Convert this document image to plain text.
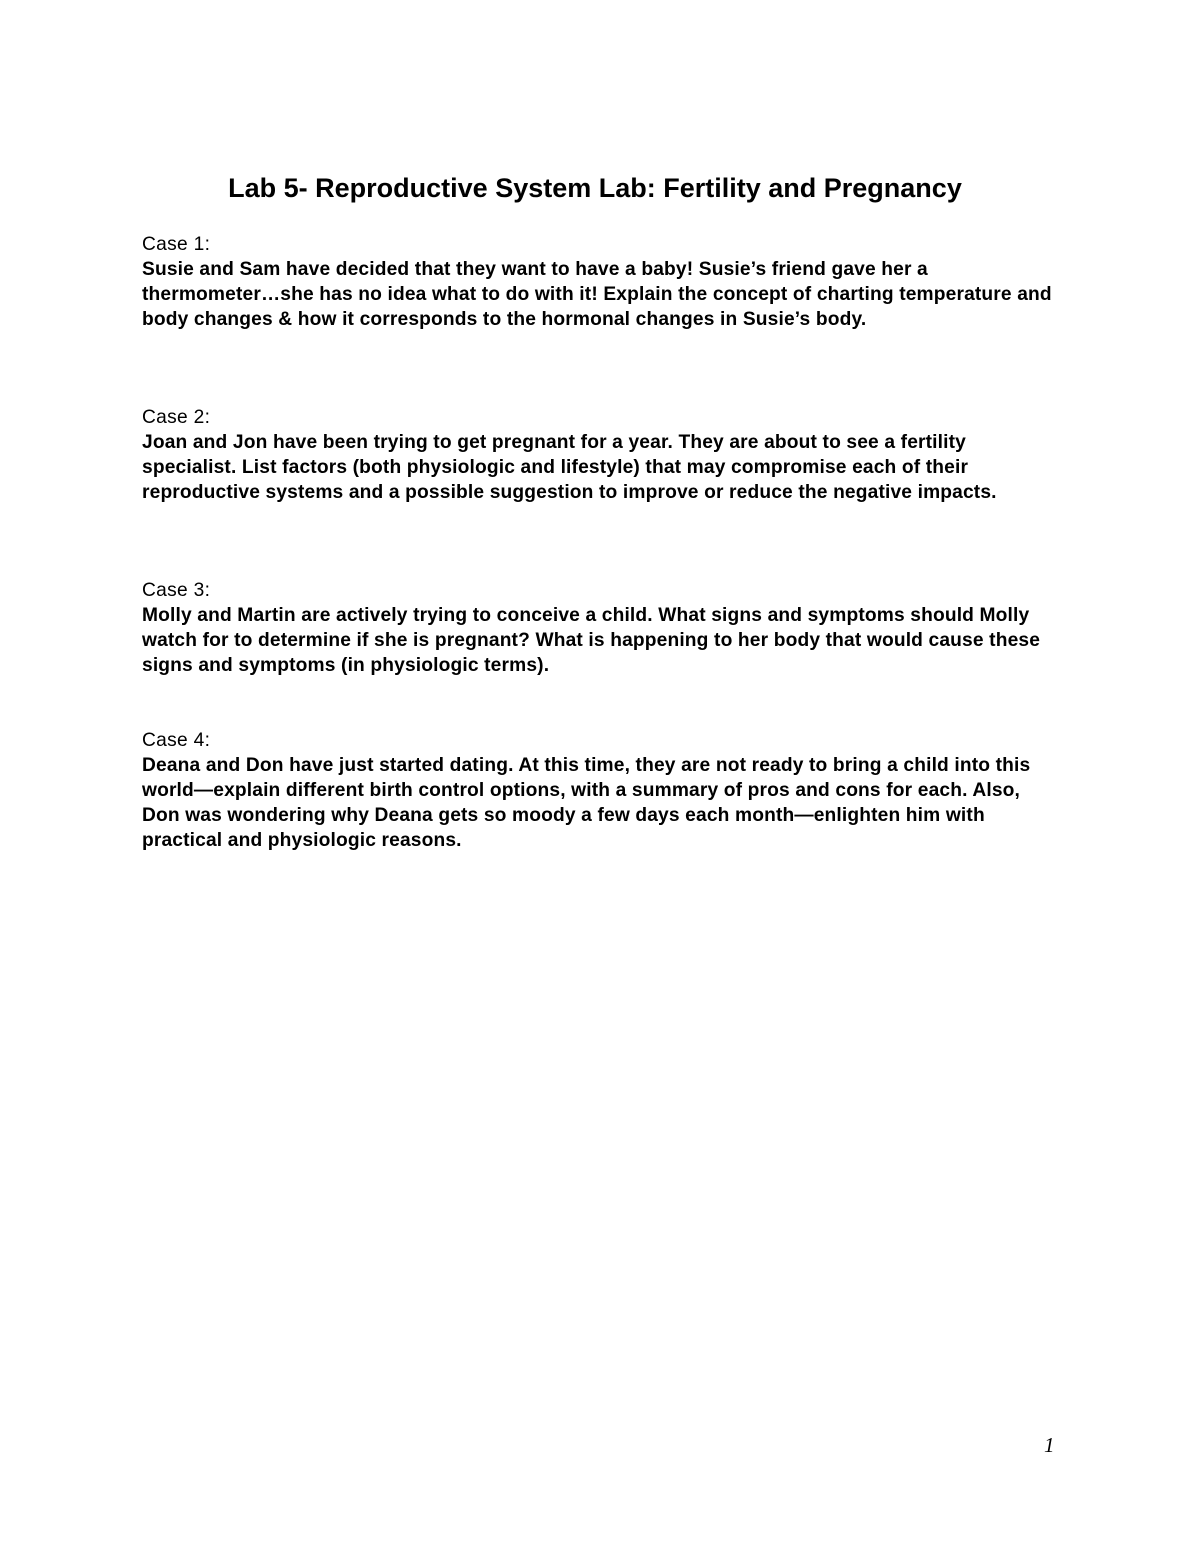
Lab 5- Reproductive System Lab: Fertility and Pregnancy
Case 1:
Susie and Sam have decided that they want to have a baby! Susie’s friend gave her a thermometer…she has no idea what to do with it! Explain the concept of charting temperature and body changes & how it corresponds to the hormonal changes in Susie’s body.
Case 2:
Joan and Jon have been trying to get pregnant for a year. They are about to see a fertility specialist. List factors (both physiologic and lifestyle) that may compromise each of their reproductive systems and a possible suggestion to improve or reduce the negative impacts.
Case 3:
Molly and Martin are actively trying to conceive a child. What signs and symptoms should Molly watch for to determine if she is pregnant? What is happening to her body that would cause these signs and symptoms (in physiologic terms).
Case 4:
Deana and Don have just started dating. At this time, they are not ready to bring a child into this world—explain different birth control options, with a summary of pros and cons for each. Also, Don was wondering why Deana gets so moody a few days each month—enlighten him with practical and physiologic reasons.
1
